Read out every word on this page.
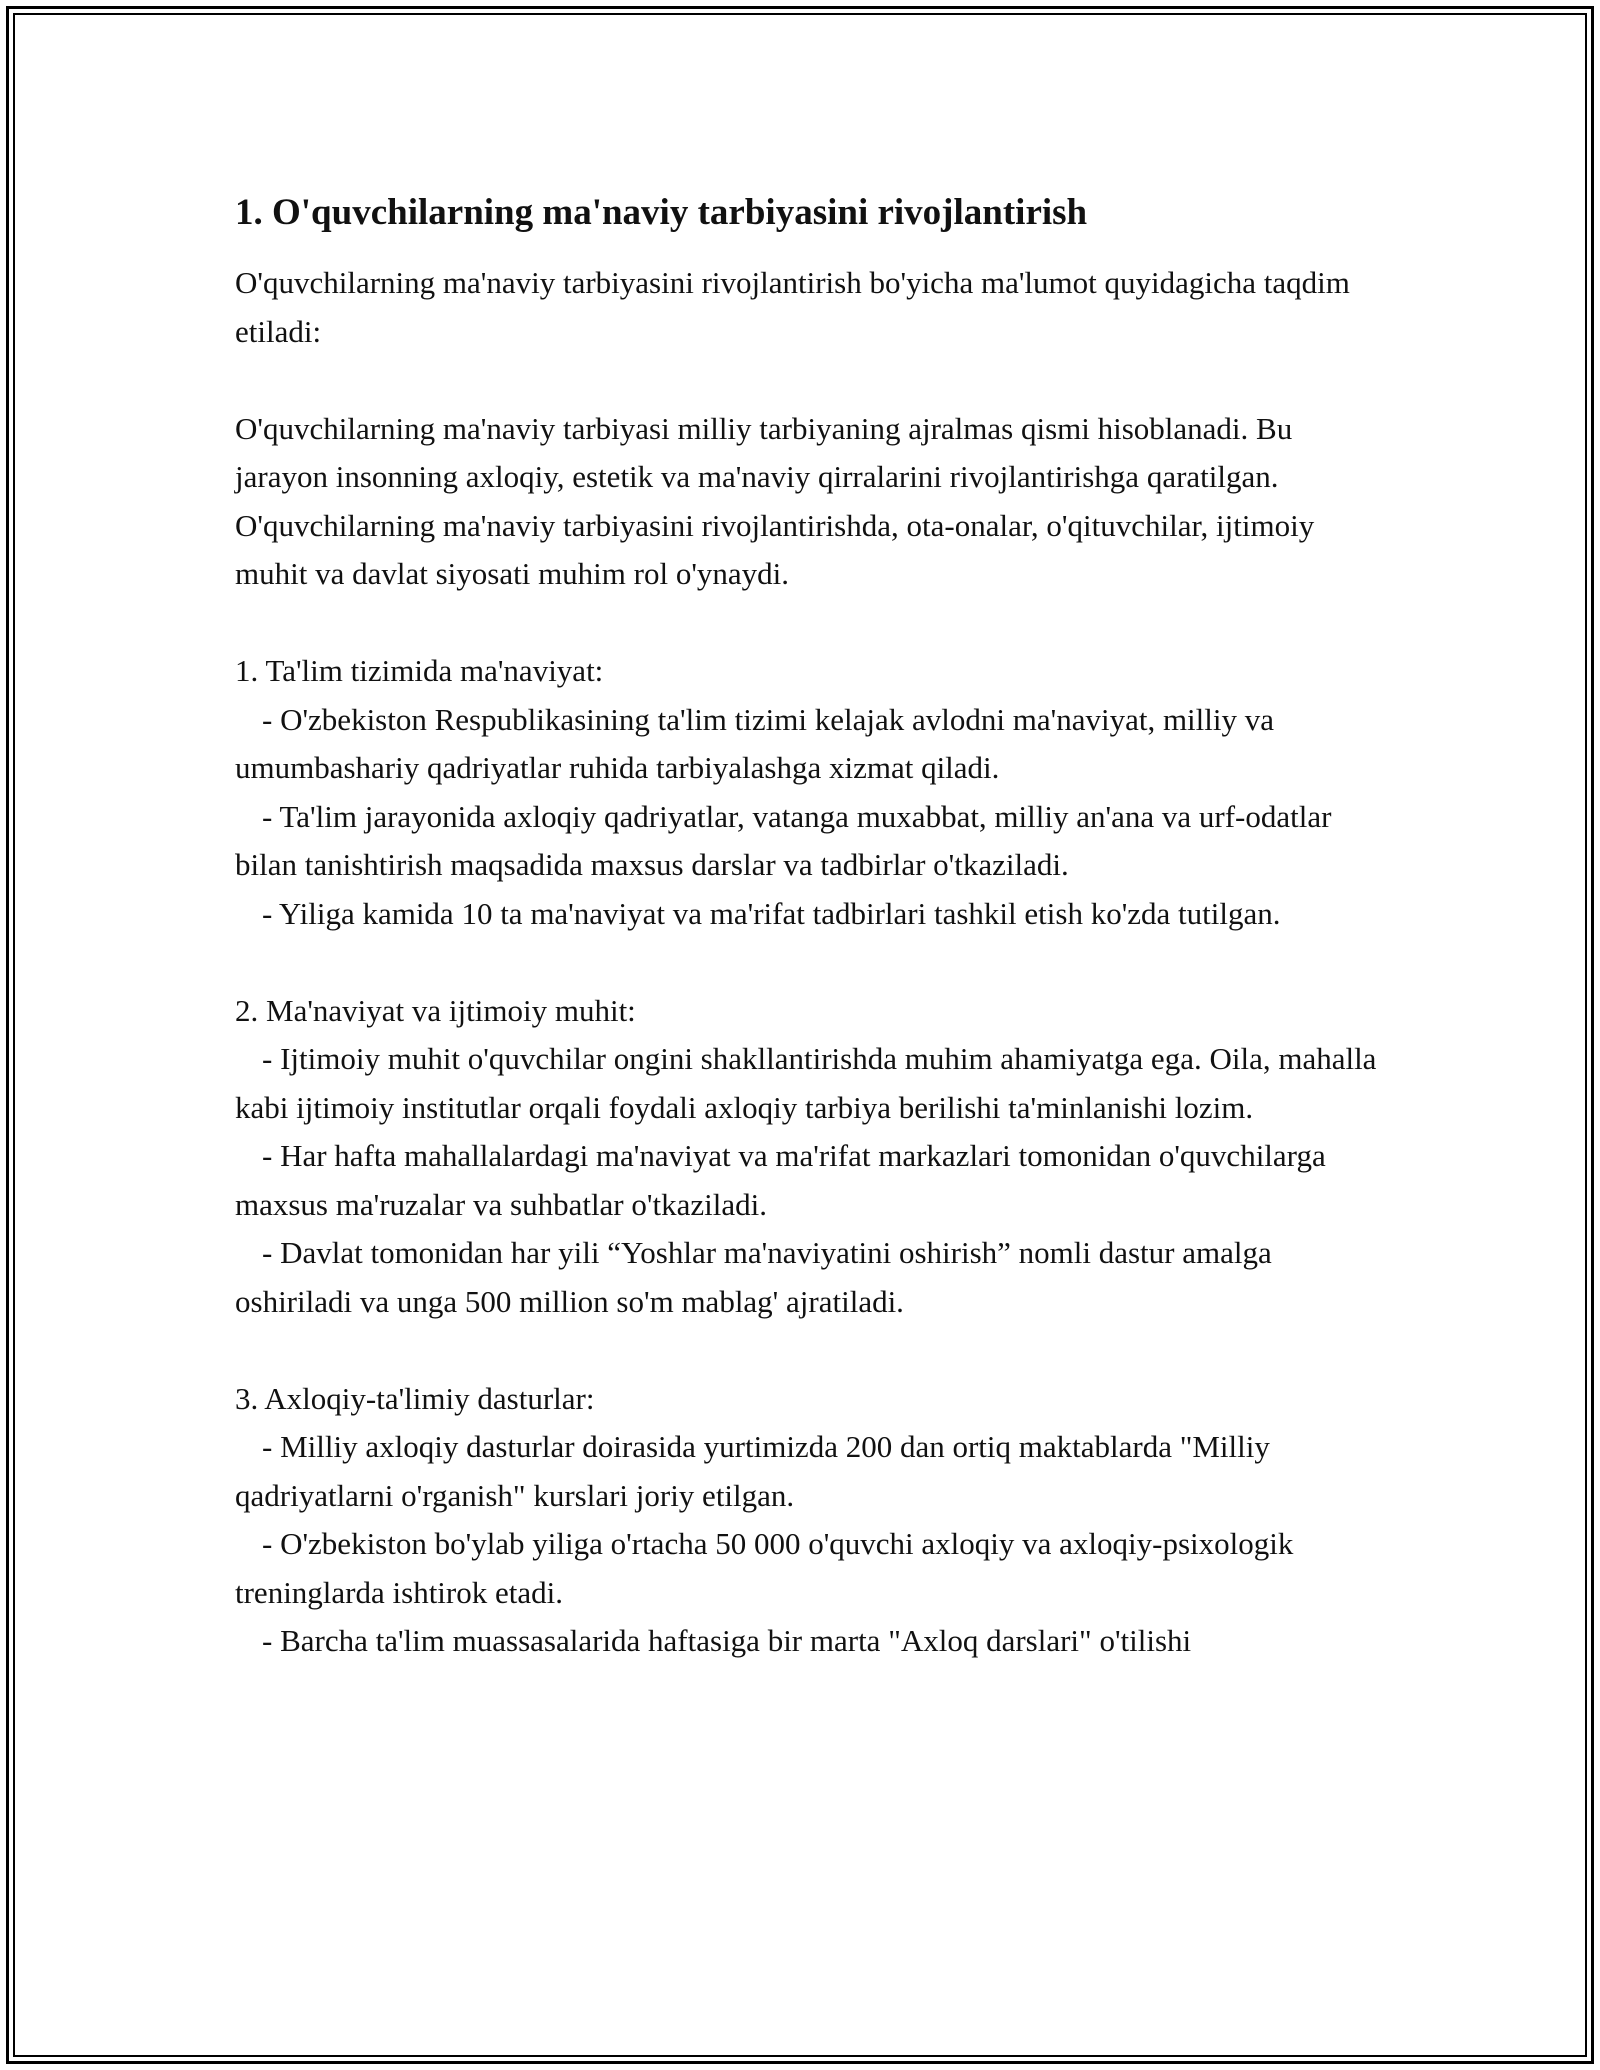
1. O'quvchilarning ma'naviy tarbiyasini rivojlantirish

O'quvchilarning ma'naviy tarbiyasini rivojlantirish bo'yicha ma'lumot quyidagicha taqdim etiladi:

O'quvchilarning ma'naviy tarbiyasi milliy tarbiyaning ajralmas qismi hisoblanadi. Bu jarayon insonning axloqiy, estetik va ma'naviy qirralarini rivojlantirishga qaratilgan. O'quvchilarning ma'naviy tarbiyasini rivojlantirishda, ota-onalar, o'qituvchilar, ijtimoiy muhit va davlat siyosati muhim rol o'ynaydi.

1. Ta'lim tizimida ma'naviyat:

- O'zbekiston Respublikasining ta'lim tizimi kelajak avlodni ma'naviyat, milliy va umumbashariy qadriyatlar ruhida tarbiyalashga xizmat qiladi.

- Ta'lim jarayonida axloqiy qadriyatlar, vatanga muxabbat, milliy an'ana va urf-odatlar bilan tanishtirish maqsadida maxsus darslar va tadbirlar o'tkaziladi.

- Yiliga kamida 10 ta ma'naviyat va ma'rifat tadbirlari tashkil etish ko'zda tutilgan.

2. Ma'naviyat va ijtimoiy muhit:

- Ijtimoiy muhit o'quvchilar ongini shakllantirishda muhim ahamiyatga ega. Oila, mahalla kabi ijtimoiy institutlar orqali foydali axloqiy tarbiya berilishi ta'minlanishi lozim.

- Har hafta mahallalardagi ma'naviyat va ma'rifat markazlari tomonidan o'quvchilarga maxsus ma'ruzalar va suhbatlar o'tkaziladi.

- Davlat tomonidan har yili “Yoshlar ma'naviyatini oshirish” nomli dastur amalga oshiriladi va unga 500 million so'm mablag' ajratiladi.

3. Axloqiy-ta'limiy dasturlar:

- Milliy axloqiy dasturlar doirasida yurtimizda 200 dan ortiq maktablarda "Milliy qadriyatlarni o'rganish" kurslari joriy etilgan.

- O'zbekiston bo'ylab yiliga o'rtacha 50 000 o'quvchi axloqiy va axloqiy-psixologik treninglarda ishtirok etadi.

- Barcha ta'lim muassasalarida haftasiga bir marta "Axloq darslari" o'tilishi
